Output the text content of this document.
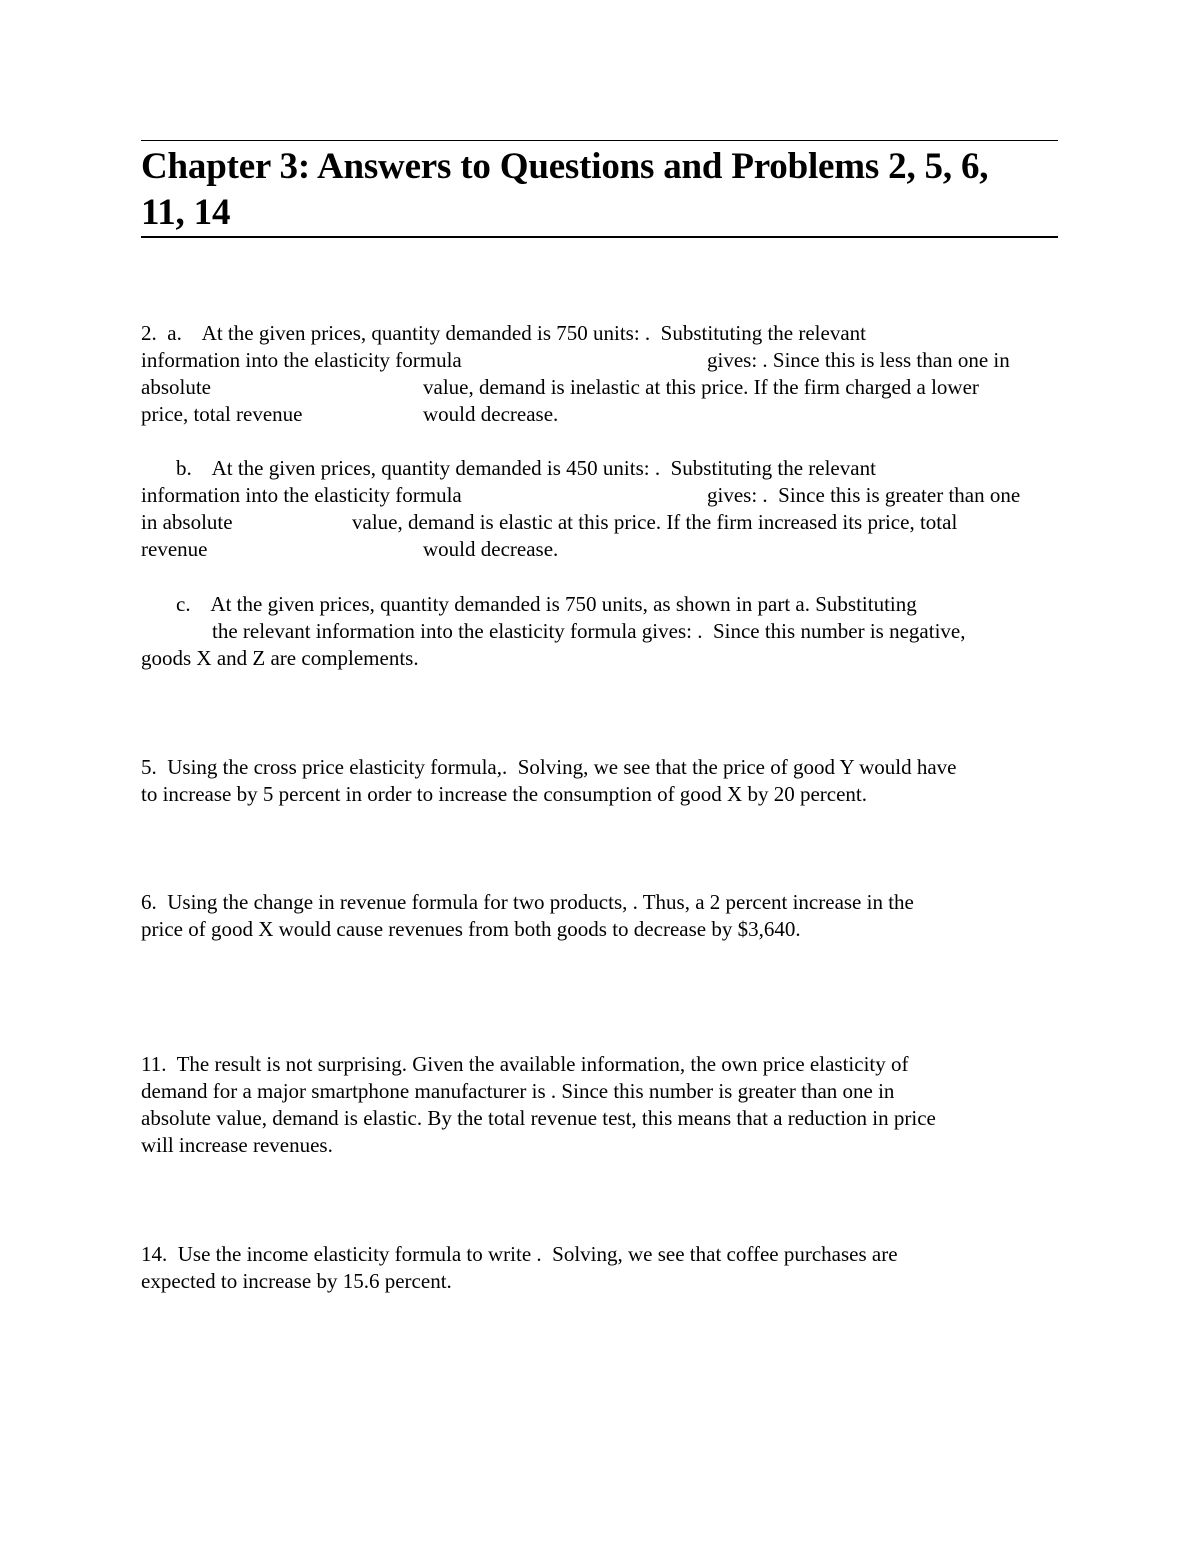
Chapter 3: Answers to Questions and Problems 2, 5, 6,
11, 14

2.  a.    At the given prices, quantity demanded is 750 units: .  Substituting the relevant

information into the elasticity formula	gives: . Since this is less than one in

absolute	value, demand is inelastic at this price. If the firm charged a lower

price, total revenue	would decrease.

b.    At the given prices, quantity demanded is 450 units: .  Substituting the relevant

information into the elasticity formula	gives: .  Since this is greater than one

in absolute	value, demand is elastic at this price. If the firm increased its price, total

revenue	would decrease.

c.    At the given prices, quantity demanded is 750 units, as shown in part a. Substituting

the relevant information into the elasticity formula gives: .  Since this number is negative,

goods X and Z are complements.

5.  Using the cross price elasticity formula,.  Solving, we see that the price of good Y would have

to increase by 5 percent in order to increase the consumption of good X by 20 percent.

6.  Using the change in revenue formula for two products, . Thus, a 2 percent increase in the

price of good X would cause revenues from both goods to decrease by $3,640.

11.  The result is not surprising. Given the available information, the own price elasticity of

demand for a major smartphone manufacturer is . Since this number is greater than one in

absolute value, demand is elastic. By the total revenue test, this means that a reduction in price

will increase revenues.

14.  Use the income elasticity formula to write .  Solving, we see that coffee purchases are

expected to increase by 15.6 percent.
